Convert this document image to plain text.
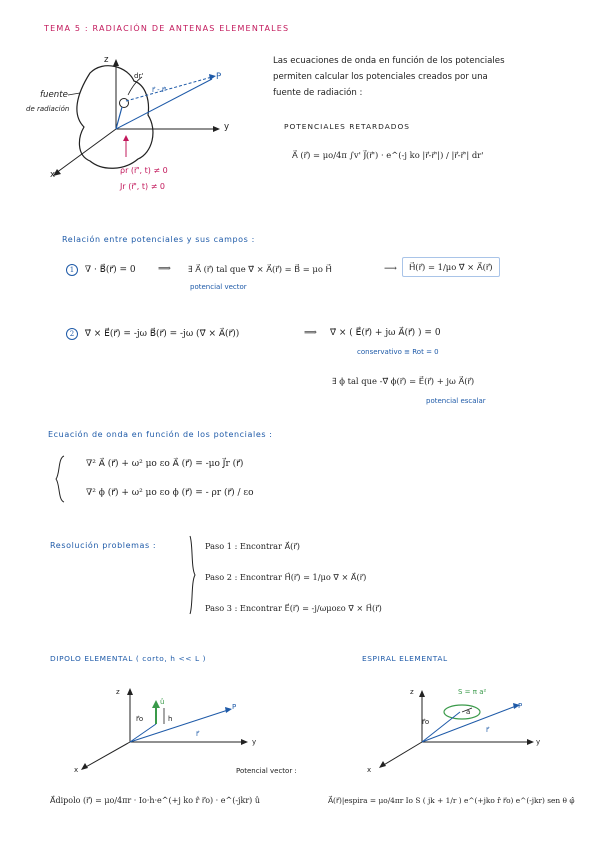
TEMA 5 : RADIACIÓN DE ANTENAS ELEMENTALES
z
y
x
P
dr'
r⃗ - r⃗'
fuente
de radiación
ρr (r⃗', t) ≠ 0
Jr (r⃗', t) ≠ 0
Las ecuaciones de onda en función de los potenciales
permiten calcular los potenciales creados por una
fuente de radiación :
POTENCIALES RETARDADOS
A⃗ (r⃗) = μo/4π ∫v' J⃗(r⃗') · e^(-j ko |r⃗-r⃗'|) / |r⃗-r⃗'| dr'
Relación entre potenciales y sus campos :
1 ∇ · B⃗(r⃗) = 0 ⟹ ∃ A⃗ (r⃗) tal que ∇⃗ × A⃗(r⃗) = B⃗ = μo H⃗	⟶	H⃗(r⃗) = 1/μo ∇⃗ × A⃗(r⃗)
potencial vector
2 ∇⃗ × E⃗(r⃗) = -jω B⃗(r⃗) = -jω (∇⃗ × A⃗(r⃗))	⟹ ∇⃗ × ( E⃗(r⃗) + jω A⃗(r⃗) ) = 0
conservativo ≡ Rot = 0
∃ ϕ tal que -∇⃗ ϕ(r⃗) = E⃗(r⃗) + jω A⃗(r⃗)
potencial escalar
Ecuación de onda en función de los potenciales :
∇² A⃗ (r⃗) + ω² μo εo A⃗ (r⃗) = -μo J⃗r (r⃗)
∇² ϕ (r⃗) + ω² μo εo ϕ (r⃗) = - ρr (r⃗) / εo
Resolución problemas :	Paso 1 : Encontrar A⃗(r⃗)
Paso 2 : Encontrar H⃗(r⃗) = 1/μo ∇⃗ × A⃗(r⃗)
Paso 3 : Encontrar E⃗(r⃗) = -j/ωμoεo ∇⃗ × H⃗(r⃗)
DIPOLO ELEMENTAL ( corto, h << L )
z
y
x
P
r⃗o	h
û
r⃗
Potencial vector :
A⃗dipolo (r⃗) = μo/4πr · Io·h·e^(+j ko r̂ r⃗o) · e^(-jkr) û
ESPIRAL ELEMENTAL
S = π a²
a
z
y
x
P
r⃗o
r⃗
A⃗(r⃗)|espira = μo/4πr Io S ( jk + 1/r ) e^(+jko r̂ r⃗o) e^(-jkr) sen θ φ̂
